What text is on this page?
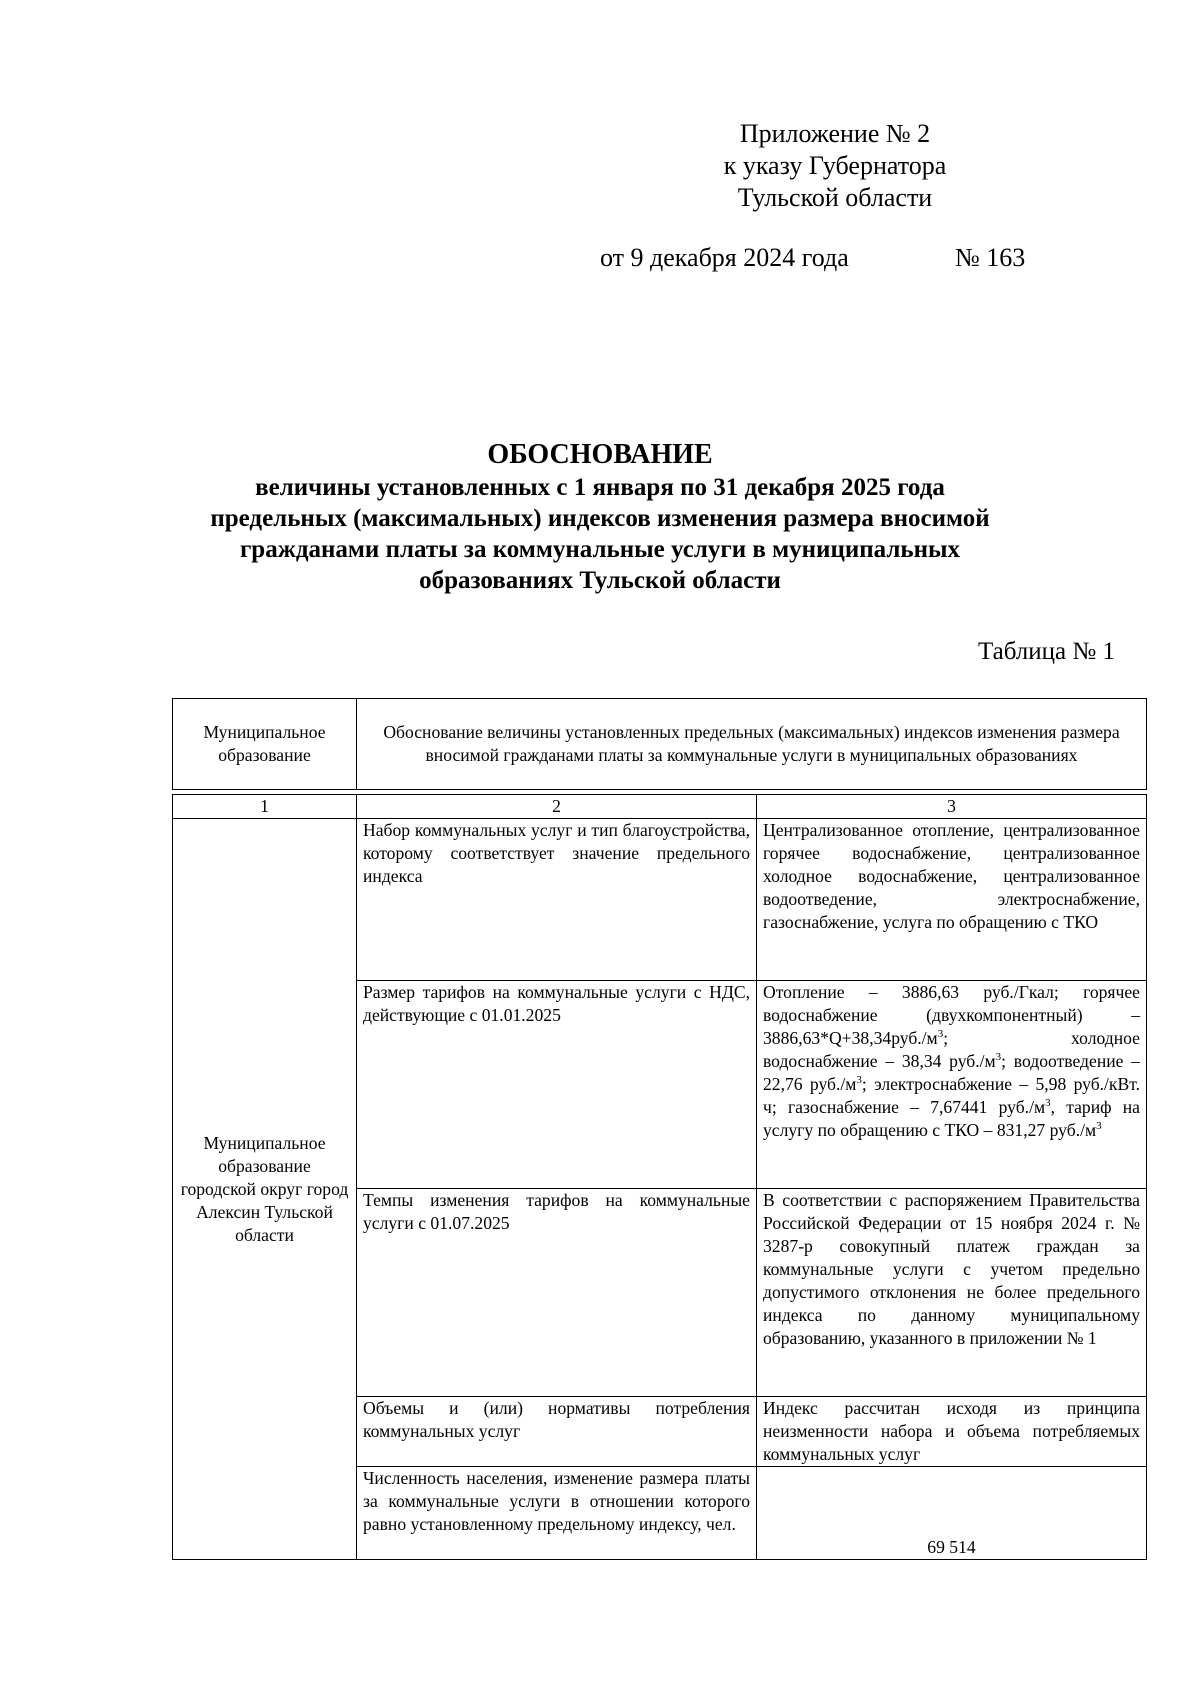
Приложение № 2
к указу Губернатора
Тульской области
от 9 декабря 2024 года	№ 163
ОБОСНОВАНИЕ
величины установленных с 1 января по 31 декабря 2025 года
предельных (максимальных) индексов изменения размера вносимой
гражданами платы за коммунальные услуги в муниципальных
образованиях Тульской области
Таблица № 1
Муниципальное образование	Обоснование величины установленных предельных (максимальных) индексов изменения размера вносимой гражданами платы за коммунальные услуги в муниципальных образованиях
1	2	3
Муниципальное образование городской округ город Алексин Тульской области	Набор коммунальных услуг и тип благоустройства, которому соответствует значение предельного индекса	Централизованное отопление, централизованное горячее водоснабжение, централизованное холодное водоснабжение, централизованное водоотведение, электроснабжение, газоснабжение, услуга по обращению с ТКО
	Размер тарифов на коммунальные услуги с НДС, действующие с 01.01.2025	Отопление – 3886,63 руб./Гкал; горячее водоснабжение (двухкомпонентный) – $3886,63*Q+38,34руб./м^3$; холодное водоснабжение – 38,34 $руб./м^3$; водоотведение – 22,76 $руб./м^3$; электроснабжение – 5,98 руб./кВт. ч; газоснабжение – 7,67441 $руб./м^3$, тариф на услугу по обращению с ТКО – 831,27 $руб./м^3$
	Темпы изменения тарифов на коммунальные услуги с 01.07.2025	В соответствии с распоряжением Правительства Российской Федерации от 15 ноября 2024 г. № 3287-р совокупный платеж граждан за коммунальные услуги с учетом предельно допустимого отклонения не более предельного индекса по данному муниципальному образованию, указанного в приложении № 1
	Объемы и (или) нормативы потребления коммунальных услуг	Индекс рассчитан исходя из принципа неизменности набора и объема потребляемых коммунальных услуг
	Численность населения, изменение размера платы за коммунальные услуги в отношении которого равно установленному предельному индексу, чел.	69 514
